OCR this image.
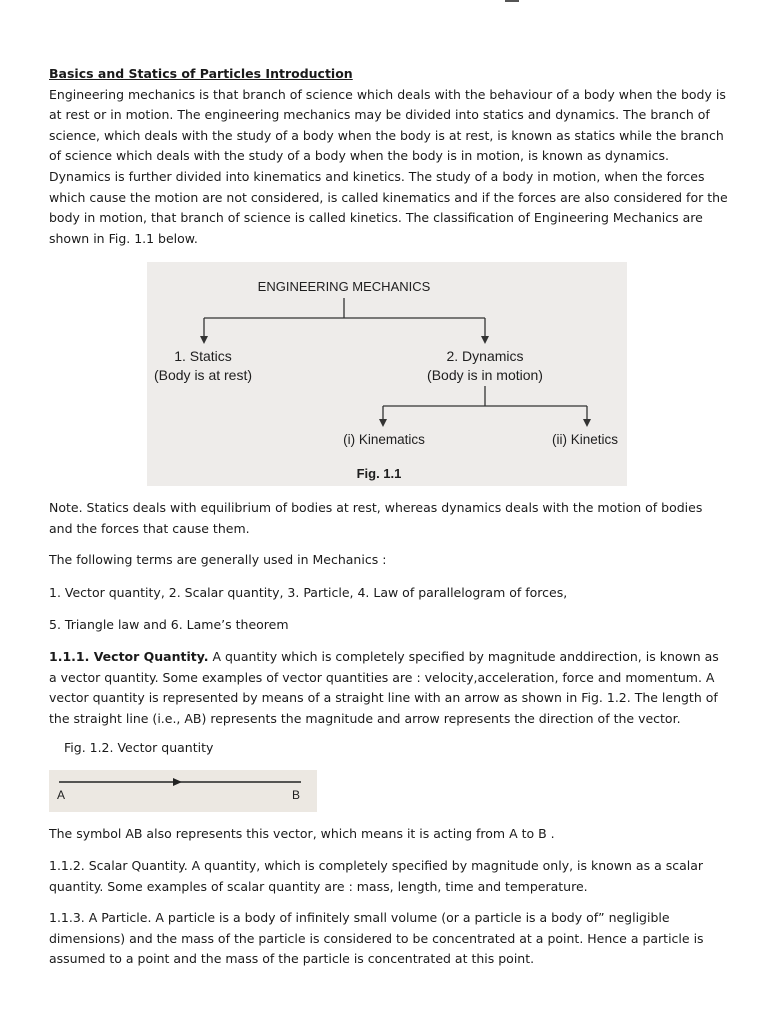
Basics and Statics of Particles Introduction

Engineering mechanics is that branch of science which deals with the behaviour of a body when the body is at rest or in motion. The engineering mechanics may be divided into statics and dynamics. The branch of science, which deals with the study of a body when the body is at rest, is known as statics while the branch of science which deals with the study of a body when the body is in motion, is known as dynamics. Dynamics is further divided into kinematics and kinetics. The study of a body in motion, when the forces which cause the motion are not considered, is called kinematics and if the forces are also considered for the body in motion, that branch of science is called kinetics. The classification of Engineering Mechanics are shown in Fig. 1.1 below.

ENGINEERING MECHANICS
1. Statics
(Body is at rest)
2. Dynamics
(Body is in motion)
(i) Kinematics	(ii) Kinetics
Fig. 1.1

Note. Statics deals with equilibrium of bodies at rest, whereas dynamics deals with the motion of bodies and the forces that cause them.

The following terms are generally used in Mechanics :

1. Vector quantity, 2. Scalar quantity, 3. Particle, 4. Law of parallelogram of forces,

5. Triangle law and 6. Lame’s theorem

1.1.1. Vector Quantity. A quantity which is completely specified by magnitude anddirection, is known as a vector quantity. Some examples of vector quantities are : velocity,acceleration, force and momentum. A vector quantity is represented by means of a straight line with an arrow as shown in Fig. 1.2. The length of the straight line (i.e., AB) represents the magnitude and arrow represents the direction of the vector.

Fig. 1.2. Vector quantity
A	B

The symbol AB also represents this vector, which means it is acting from A to B .

1.1.2. Scalar Quantity. A quantity, which is completely specified by magnitude only, is known as a scalar quantity. Some examples of scalar quantity are : mass, length, time and temperature.

1.1.3. A Particle. A particle is a body of infinitely small volume (or a particle is a body of” negligible dimensions) and the mass of the particle is considered to be concentrated at a point. Hence a particle is assumed to a point and the mass of the particle is concentrated at this point.
